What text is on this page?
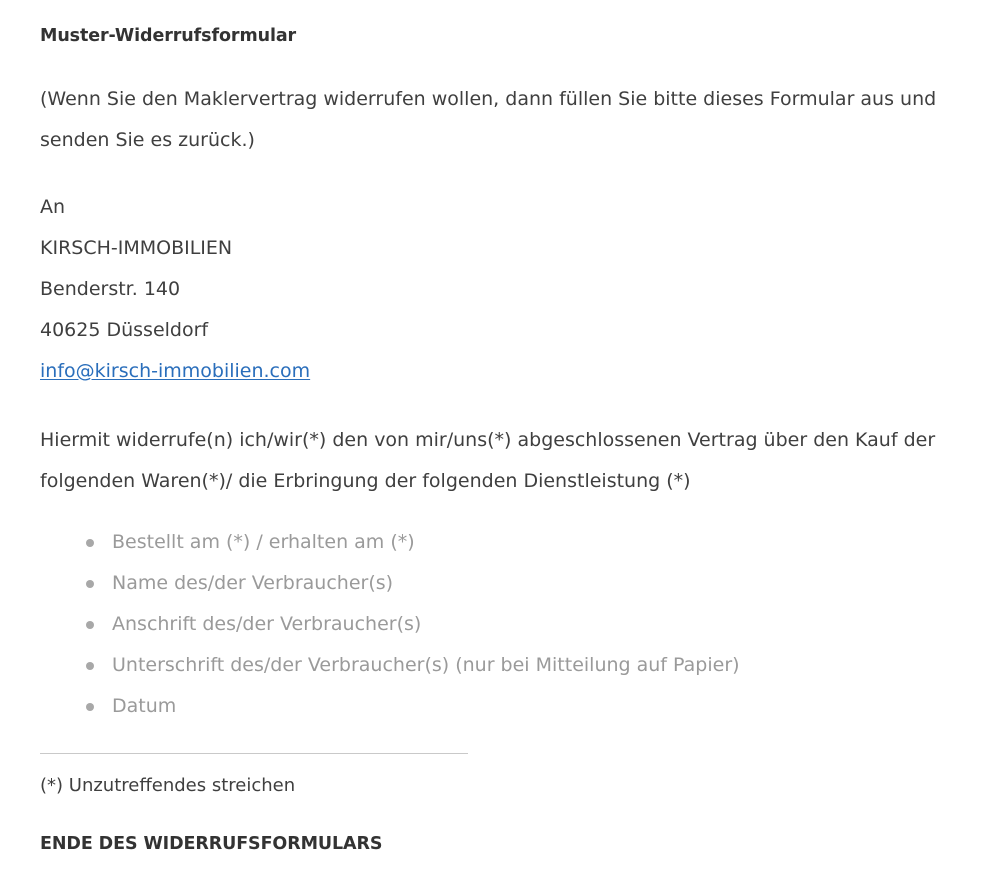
Muster-Widerrufsformular

(Wenn Sie den Maklervertrag widerrufen wollen, dann füllen Sie bitte dieses Formular aus und senden Sie es zurück.)

An
KIRSCH-IMMOBILIEN
Benderstr. 140
40625 Düsseldorf
info@kirsch-immobilien.com

Hiermit widerrufe(n) ich/wir(*) den von mir/uns(*) abgeschlossenen Vertrag über den Kauf der folgenden Waren(*)/ die Erbringung der folgenden Dienstleistung (*)

Bestellt am (*) / erhalten am (*)
Name des/der Verbraucher(s)
Anschrift des/der Verbraucher(s)
Unterschrift des/der Verbraucher(s) (nur bei Mitteilung auf Papier)
Datum

(*) Unzutreffendes streichen

ENDE DES WIDERRUFSFORMULARS
